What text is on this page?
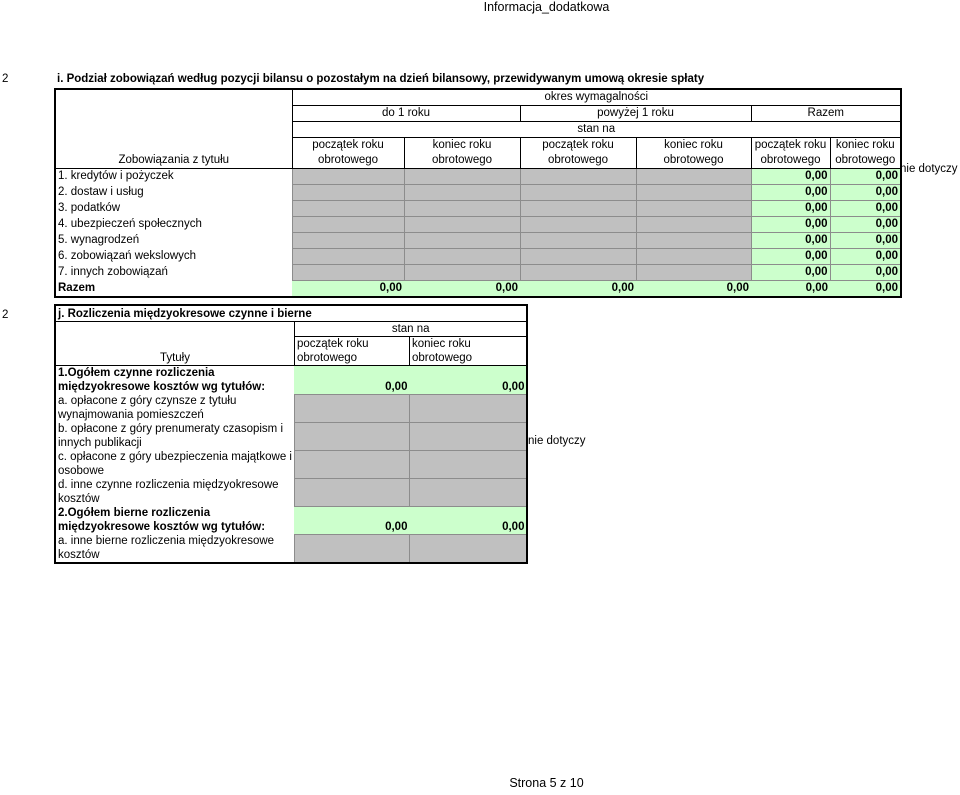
Informacja_dodatkowa
2	i. Podział zobowiązań według pozycji bilansu o pozostałym na dzień bilansowy, przewidywanym umową okresie spłaty
	okres wymagalności					
	do 1 roku		powyżej 1 roku		Razem	
	stan na					
	początek roku	koniec roku	początek roku	koniec roku	początek roku	koniec roku
Zobowiązania z tytułu	obrotowego	obrotowego	obrotowego	obrotowego	obrotowego	obrotowego
1. kredytów i pożyczek					0,00	0,00
2. dostaw i usług					0,00	0,00
3. podatków					0,00	0,00
4. ubezpieczeń społecznych					0,00	0,00
5. wynagrodzeń					0,00	0,00
6. zobowiązań wekslowych					0,00	0,00
7. innych zobowiązań					0,00	0,00
Razem	0,00	0,00	0,00	0,00	0,00	0,00
nie dotyczy
2	j. Rozliczenia międzyokresowe czynne i bierne		
	stan na	
	początek roku	koniec roku
Tytuły	obrotowego	obrotowego
1.Ogółem czynne rozliczenia	0,00	0,00
międzyokresowe kosztów wg tytułów:		
a. opłacone z góry czynsze z tytułu		
wynajmowania pomieszczeń		
b. opłacone z góry prenumeraty czasopism i		
innych publikacji		
c. opłacone z góry ubezpieczenia majątkowe i		
osobowe		
d. inne czynne rozliczenia międzyokresowe		
kosztów		
2.Ogółem bierne rozliczenia	0,00	0,00
międzyokresowe kosztów wg tytułów:		
a. inne bierne rozliczenia międzyokresowe		
kosztów		
nie dotyczy
Strona 5 z 10
